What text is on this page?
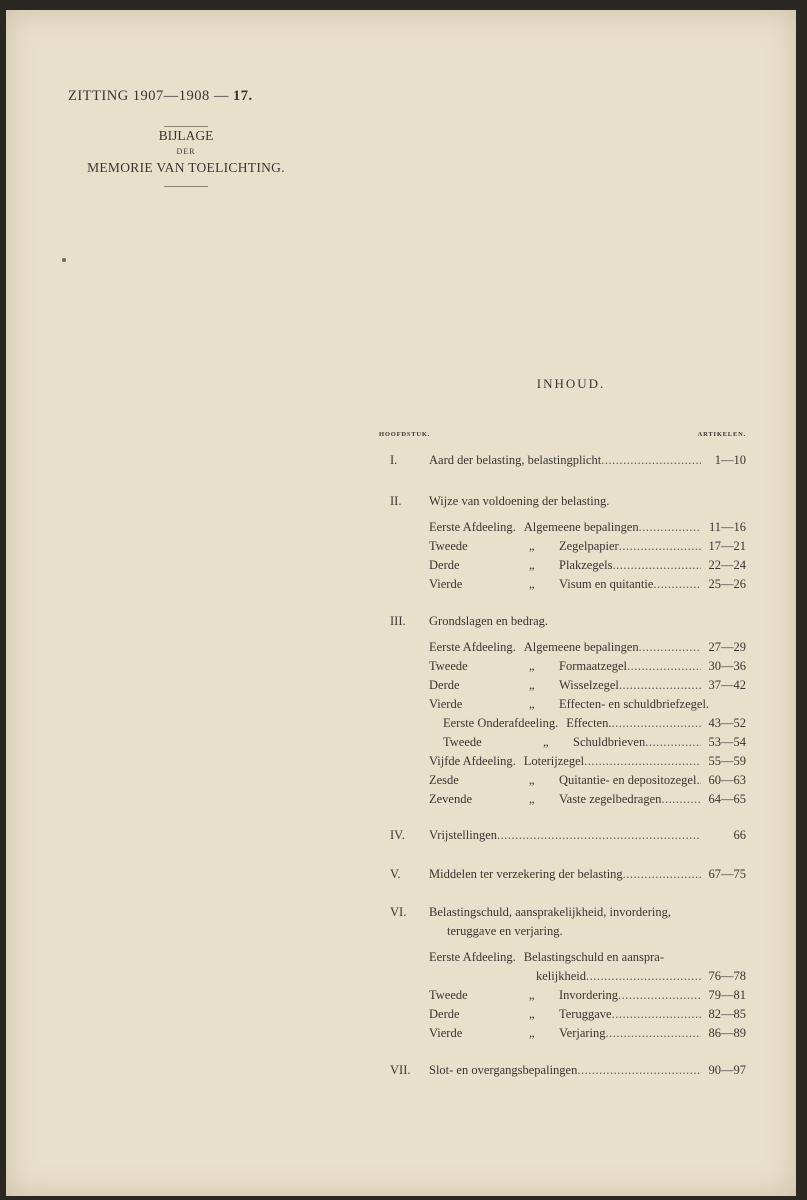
ZITTING 1907—1908 — 17.
BIJLAGE
DER
MEMORIE VAN TOELICHTING.
INHOUD.
HOOFDSTUK.	ARTIKELEN.
I.	Aard der belasting, belastingplicht .....	1—10
II.	Wijze van voldoening der belasting.
Eerste Afdeeling. Algemeene bepalingen .....	11—16
Tweede	„	Zegelpapier .....	17—21
Derde	„	Plakzegels .....	22—24
Vierde	„	Visum en quitantie .....	25—26
III.	Grondslagen en bedrag.
Eerste Afdeeling. Algemeene bepalingen .....	27—29
Tweede	„	Formaatzegel .....	30—36
Derde	„	Wisselzegel .....	37—42
Vierde	„	Effecten- en schuldbriefzegel.
Eerste Onderafdeeling. Effecten. .....	43—52
Tweede	„	Schuldbrieven .....	53—54
Vijfde Afdeeling. Loterijzegel .....	55—59
Zesde	„	Quitantie- en depositozegel. ..... 60—63
Zevende	„	Vaste zegelbedragen .....	64—65
IV.	Vrijstellingen .....	66
V.	Middelen ter verzekering der belasting .....	67—75
VI.	Belastingschuld, aansprakelijkheid, invordering,
teruggave en verjaring.
Eerste Afdeeling. Belastingschuld en aanspra-
kelijkheid .....	76—78
Tweede	„	Invordering .....	79—81
Derde	„	Teruggave .....	82—85
Vierde	„	Verjaring .....	86—89
VII.	Slot- en overgangsbepalingen .....	90—97
